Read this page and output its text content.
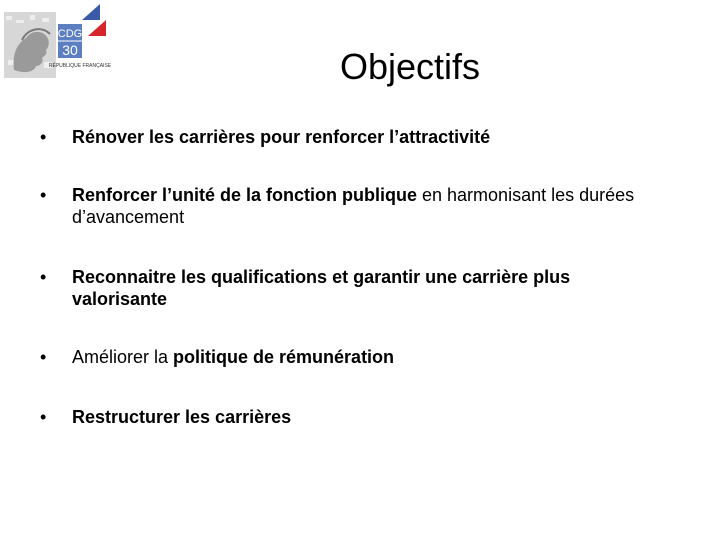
CDG
30
RÉPUBLIQUE FRANÇAISE	Objectifs
•	Rénover les carrières pour renforcer l’attractivité
•	Renforcer l’unité de la fonction publique en harmonisant les durées d’avancement
•	Reconnaitre les qualifications et garantir une carrière plus valorisante
•	Améliorer la politique de rémunération
•	Restructurer les carrières
